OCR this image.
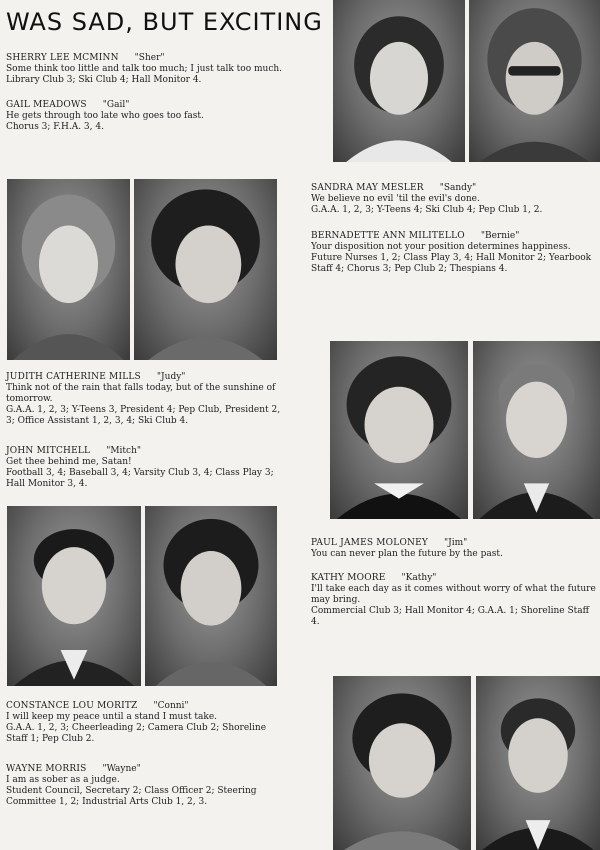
WAS SAD, BUT EXCITING

SHERRY LEE MCMINN "Sher"

Some think too little and talk too much; I just talk too much.

Library Club 3; Ski Club 4; Hall Monitor 4.

GAIL MEADOWS "Gail"

He gets through too late who goes too fast.

Chorus 3; F.H.A. 3, 4.

SANDRA MAY MESLER "Sandy"

We believe no evil 'til the evil's done.

G.A.A. 1, 2, 3; Y-Teens 4; Ski Club 4; Pep Club 1, 2.

BERNADETTE ANN MILITELLO "Bernie"

Your disposition not your position determines happiness.

Future Nurses 1, 2; Class Play 3, 4; Hall Monitor 2; Yearbook Staff 4; Chorus 3; Pep Club 2; Thespians 4.

JUDITH CATHERINE MILLS "Judy"

Think not of the rain that falls today, but of the sunshine of tomorrow.

G.A.A. 1, 2, 3; Y-Teens 3, President 4; Pep Club, President 2, 3; Office Assistant 1, 2, 3, 4; Ski Club 4.

JOHN MITCHELL "Mitch"

Get thee behind me, Satan!

Football 3, 4; Baseball 3, 4; Varsity Club 3, 4; Class Play 3; Hall Monitor 3, 4.

PAUL JAMES MOLONEY "Jim"

You can never plan the future by the past.

KATHY MOORE "Kathy"

I'll take each day as it comes without worry of what the future may bring.

Commercial Club 3; Hall Monitor 4; G.A.A. 1; Shoreline Staff 4.

CONSTANCE LOU MORITZ "Conni"

I will keep my peace until a stand I must take.

G.A.A. 1, 2, 3; Cheerleading 2; Camera Club 2; Shoreline Staff 1; Pep Club 2.

WAYNE MORRIS "Wayne"

I am as sober as a judge.

Student Council, Secretary 2; Class Officer 2; Steering Committee 1, 2; Industrial Arts Club 1, 2, 3.
